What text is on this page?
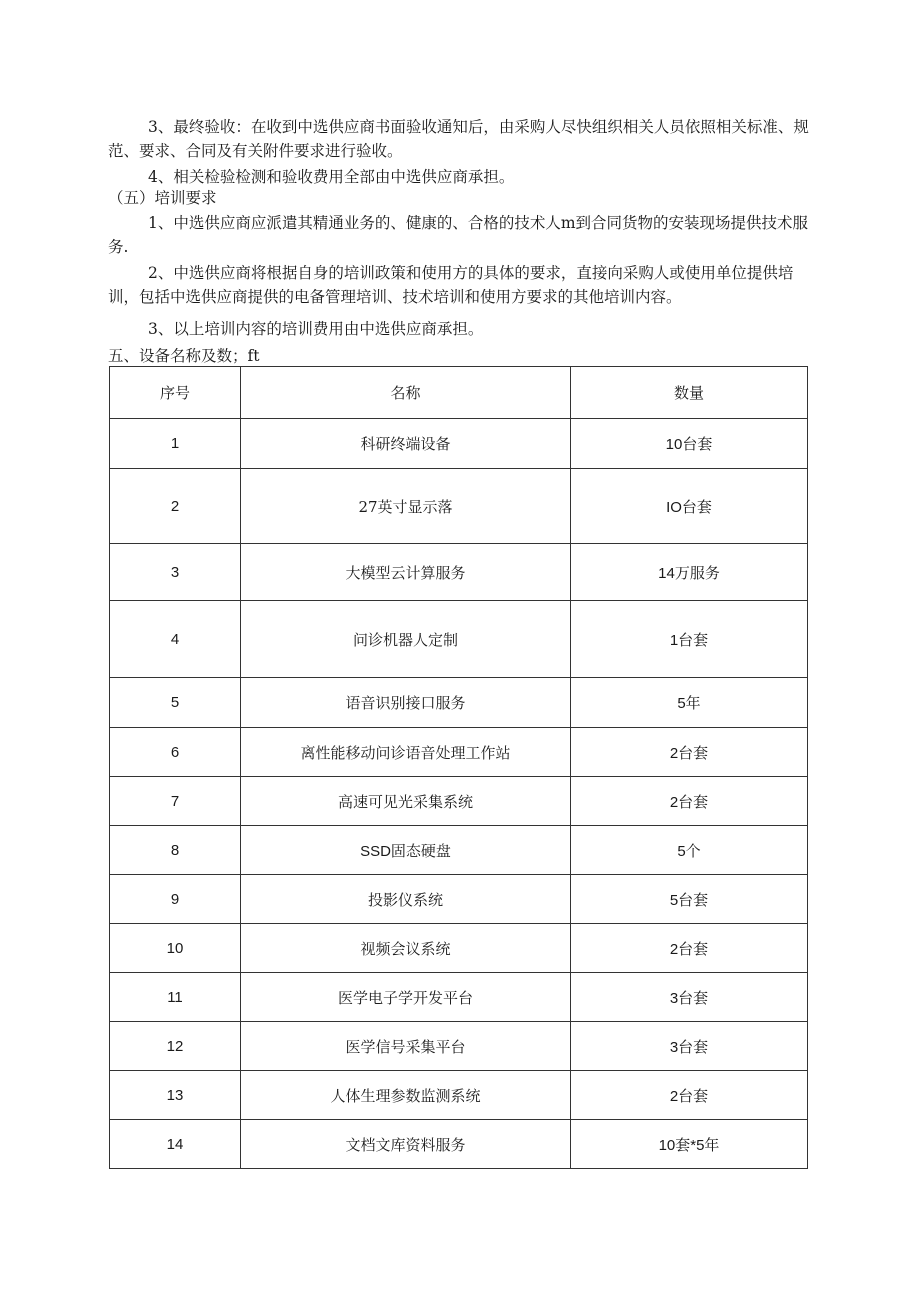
3、最终验收：在收到中选供应商书面验收通知后，由采购人尽快组织相关人员依照相关标准、规范、要求、合同及有关附件要求进行验收。
4、相关检验检测和验收费用全部由中选供应商承担。
（五）培训要求
1、中选供应商应派遣其精通业务的、健康的、合格的技术人m到合同货物的安装现场提供技术服务.
2、中选供应商将根据自身的培训政策和使用方的具体的要求，直接向采购人或使用单位提供培训，包括中选供应商提供的电备管理培训、技术培训和使用方要求的其他培训内容。
3、以上培训内容的培训费用由中选供应商承担。
五、设备名称及数；ft
序号	名称	数量
1	科研终端设备	10台套
2	27英寸显示落	IO台套
3	大模型云计算服务	14万服务
4	问诊机器人定制	1台套
5	语音识别接口服务	5年
6	离性能移动问诊语音处理工作站	2台套
7	高速可见光采集系统	2台套
8	SSD固态硬盘	5个
9	投影仪系统	5台套
10	视频会议系统	2台套
11	医学电子学开发平台	3台套
12	医学信号采集平台	3台套
13	人体生理参数监测系统	2台套
14	文档文库资料服务	10套*5年
